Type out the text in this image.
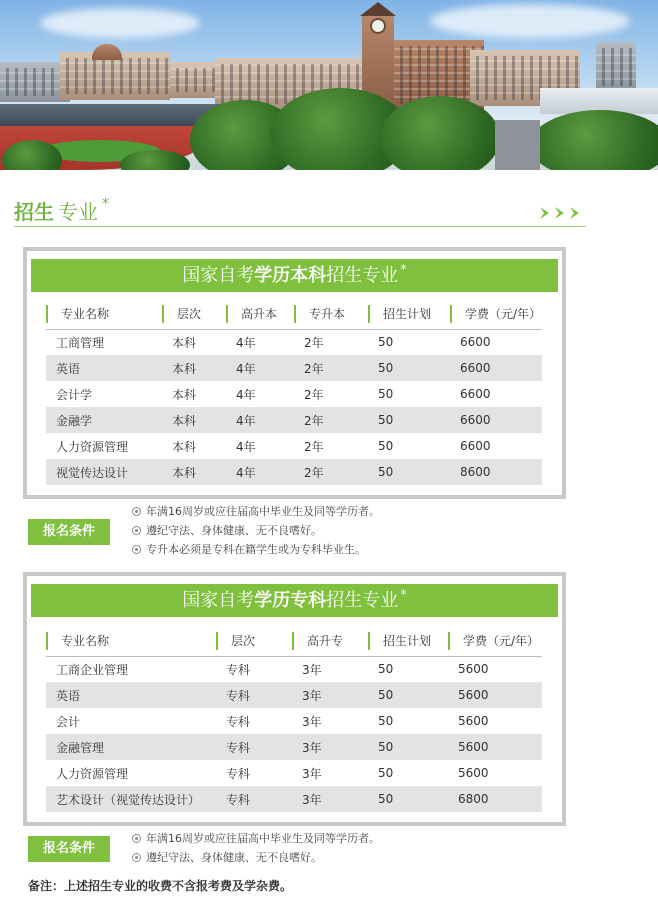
招生 专业 *
国家自考学历本科招生专业 *
专业名称	层次	高升本	专升本	招生计划	学费（元/年）
工商管理	本科	4年	2年	50	6600
英语	本科	4年	2年	50	6600
会计学	本科	4年	2年	50	6600
金融学	本科	4年	2年	50	6600
人力资源管理	本科	4年	2年	50	6600
视觉传达设计	本科	4年	2年	50	8600
报名条件
年满16周岁或应往届高中毕业生及同等学历者。
遵纪守法、身体健康、无不良嗜好。
专升本必须是专科在籍学生或为专科毕业生。
国家自考学历专科招生专业 *
专业名称	层次	高升专	招生计划	学费（元/年）
工商企业管理	专科	3年	50	5600
英语	专科	3年	50	5600
会计	专科	3年	50	5600
金融管理	专科	3年	50	5600
人力资源管理	专科	3年	50	5600
艺术设计（视觉传达设计）	专科	3年	50	6800
报名条件
年满16周岁或应往届高中毕业生及同等学历者。
遵纪守法、身体健康、无不良嗜好。
备注：上述招生专业的收费不含报考费及学杂费。
